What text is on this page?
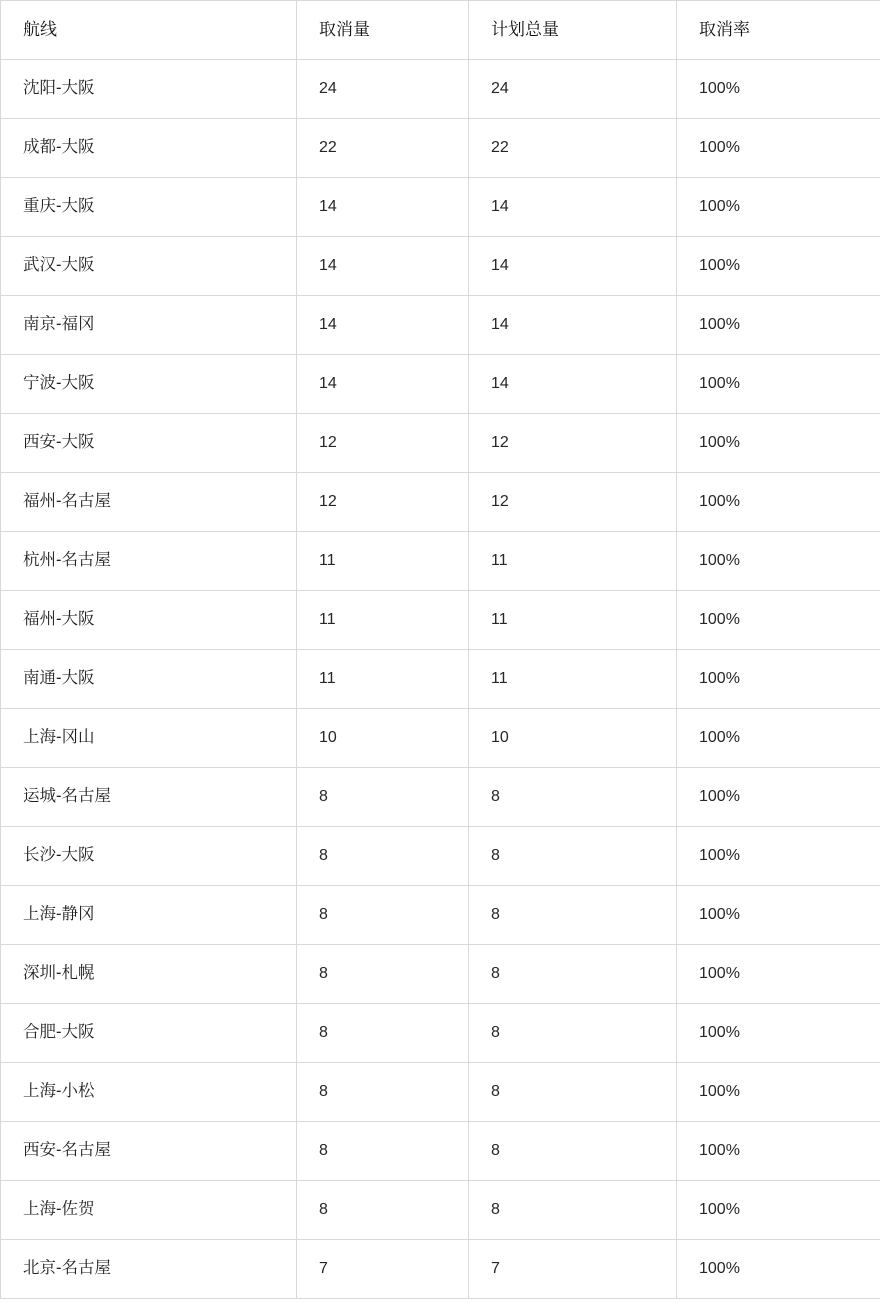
航线	取消量	计划总量	取消率
沈阳-大阪	24	24	100%
成都-大阪	22	22	100%
重庆-大阪	14	14	100%
武汉-大阪	14	14	100%
南京-福冈	14	14	100%
宁波-大阪	14	14	100%
西安-大阪	12	12	100%
福州-名古屋	12	12	100%
杭州-名古屋	11	11	100%
福州-大阪	11	11	100%
南通-大阪	11	11	100%
上海-冈山	10	10	100%
运城-名古屋	8	8	100%
长沙-大阪	8	8	100%
上海-静冈	8	8	100%
深圳-札幌	8	8	100%
合肥-大阪	8	8	100%
上海-小松	8	8	100%
西安-名古屋	8	8	100%
上海-佐贺	8	8	100%
北京-名古屋	7	7	100%
